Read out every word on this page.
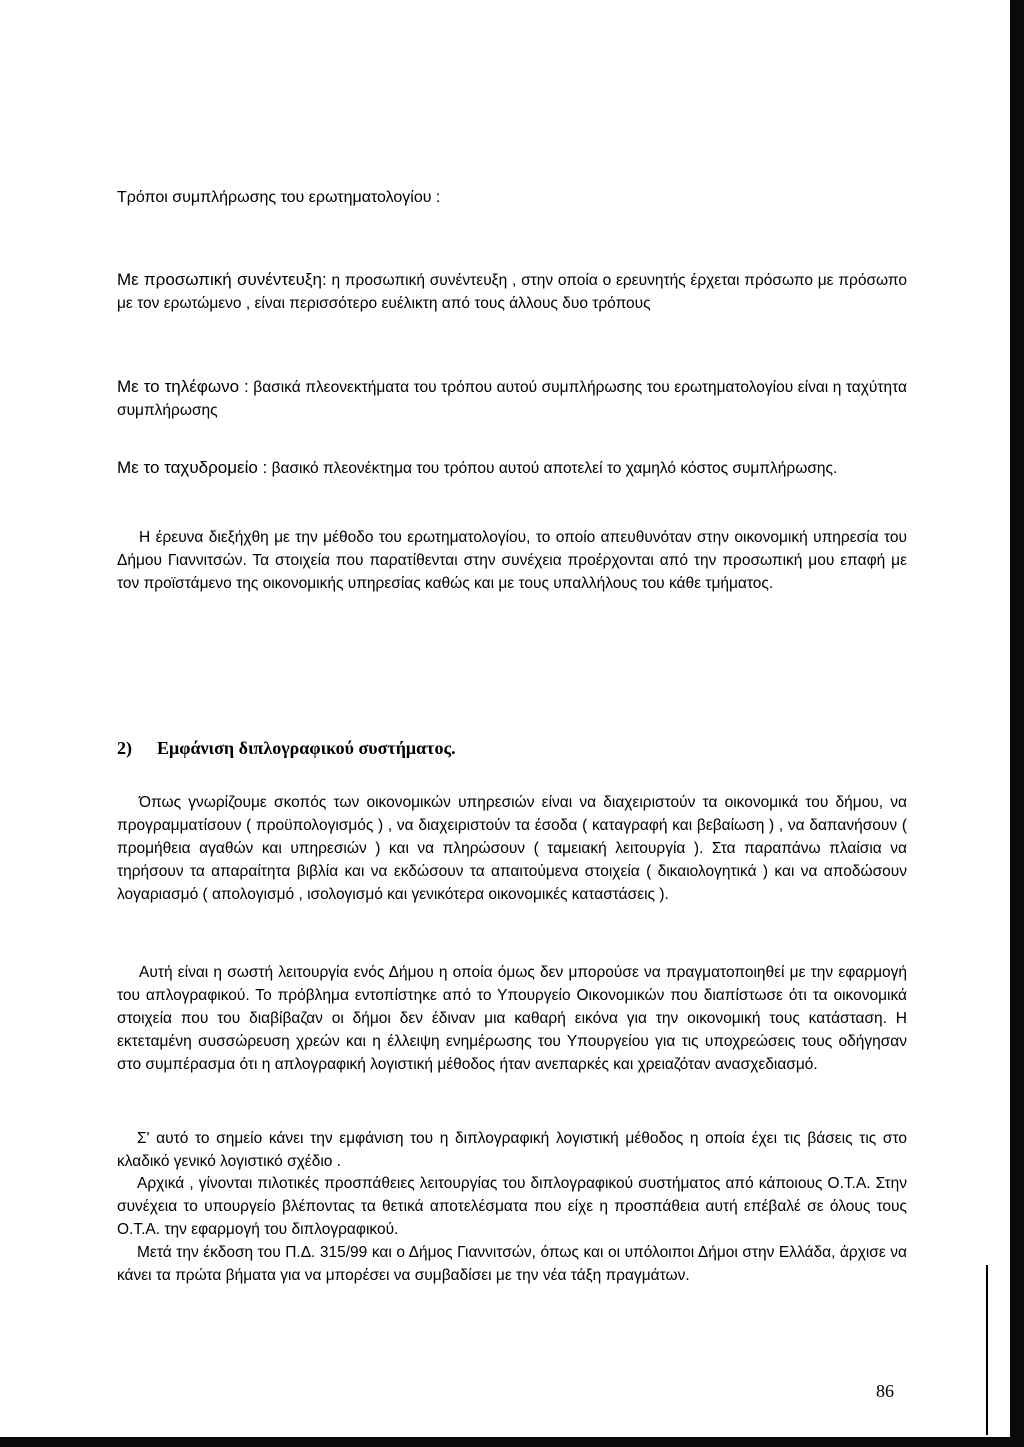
Τρόποι συμπλήρωσης του ερωτηματολογίου :

Με προσωπική συνέντευξη: η προσωπική συνέντευξη , στην οποία ο ερευνητής έρχεται πρόσωπο με πρόσωπο με τον ερωτώμενο , είναι περισσότερο ευέλικτη από τους άλλους δυο τρόπους

Με το τηλέφωνο : βασικά πλεονεκτήματα του τρόπου αυτού συμπλήρωσης του ερωτηματολογίου είναι η ταχύτητα συμπλήρωσης

Με το ταχυδρομείο : βασικό πλεονέκτημα του τρόπου αυτού αποτελεί το χαμηλό κόστος συμπλήρωσης.

Η έρευνα διεξήχθη με την μέθοδο του ερωτηματολογίου, το οποίο απευθυνόταν στην οικονομική υπηρεσία του Δήμου Γιαννιτσών. Τα στοιχεία που παρατίθενται στην συνέχεια προέρχονται από την προσωπική μου επαφή με τον προϊστάμενο της οικονομικής υπηρεσίας καθώς και με τους υπαλλήλους του κάθε τμήματος.

2) Εμφάνιση διπλογραφικού συστήματος.

Όπως γνωρίζουμε σκοπός των οικονομικών υπηρεσιών είναι να διαχειριστούν τα οικονομικά του δήμου, να προγραμματίσουν ( προϋπολογισμός ) , να διαχειριστούν τα έσοδα ( καταγραφή και βεβαίωση ) , να δαπανήσουν ( προμήθεια αγαθών και υπηρεσιών ) και να πληρώσουν ( ταμειακή λειτουργία ). Στα παραπάνω πλαίσια να τηρήσουν τα απαραίτητα βιβλία και να εκδώσουν τα απαιτούμενα στοιχεία ( δικαιολογητικά ) και να αποδώσουν λογαριασμό ( απολογισμό , ισολογισμό και γενικότερα οικονομικές καταστάσεις ).

Αυτή είναι η σωστή λειτουργία ενός Δήμου η οποία όμως δεν μπορούσε να πραγματοποιηθεί με την εφαρμογή του απλογραφικού. Το πρόβλημα εντοπίστηκε από το Υπουργείο Οικονομικών που διαπίστωσε ότι τα οικονομικά στοιχεία που του διαβίβαζαν οι δήμοι δεν έδιναν μια καθαρή εικόνα για την οικονομική τους κατάσταση. Η εκτεταμένη συσσώρευση χρεών και η έλλειψη ενημέρωσης του Υπουργείου για τις υποχρεώσεις τους οδήγησαν στο συμπέρασμα ότι η απλογραφική λογιστική μέθοδος ήταν ανεπαρκές και χρειαζόταν ανασχεδιασμό.

Σ' αυτό το σημείο κάνει την εμφάνιση του η διπλογραφική λογιστική μέθοδος η οποία έχει τις βάσεις τις στο κλαδικό γενικό λογιστικό σχέδιο .

Αρχικά , γίνονται πιλοτικές προσπάθειες λειτουργίας του διπλογραφικού συστήματος από κάποιους Ο.Τ.Α. Στην συνέχεια το υπουργείο βλέποντας τα θετικά αποτελέσματα που είχε η προσπάθεια αυτή επέβαλέ σε όλους τους Ο.Τ.Α. την εφαρμογή του διπλογραφικού.

Μετά την έκδοση του Π.Δ. 315/99 και ο Δήμος Γιαννιτσών, όπως και οι υπόλοιποι Δήμοι στην Ελλάδα, άρχισε να κάνει τα πρώτα βήματα για να μπορέσει να συμβαδίσει με την νέα τάξη πραγμάτων.

86
